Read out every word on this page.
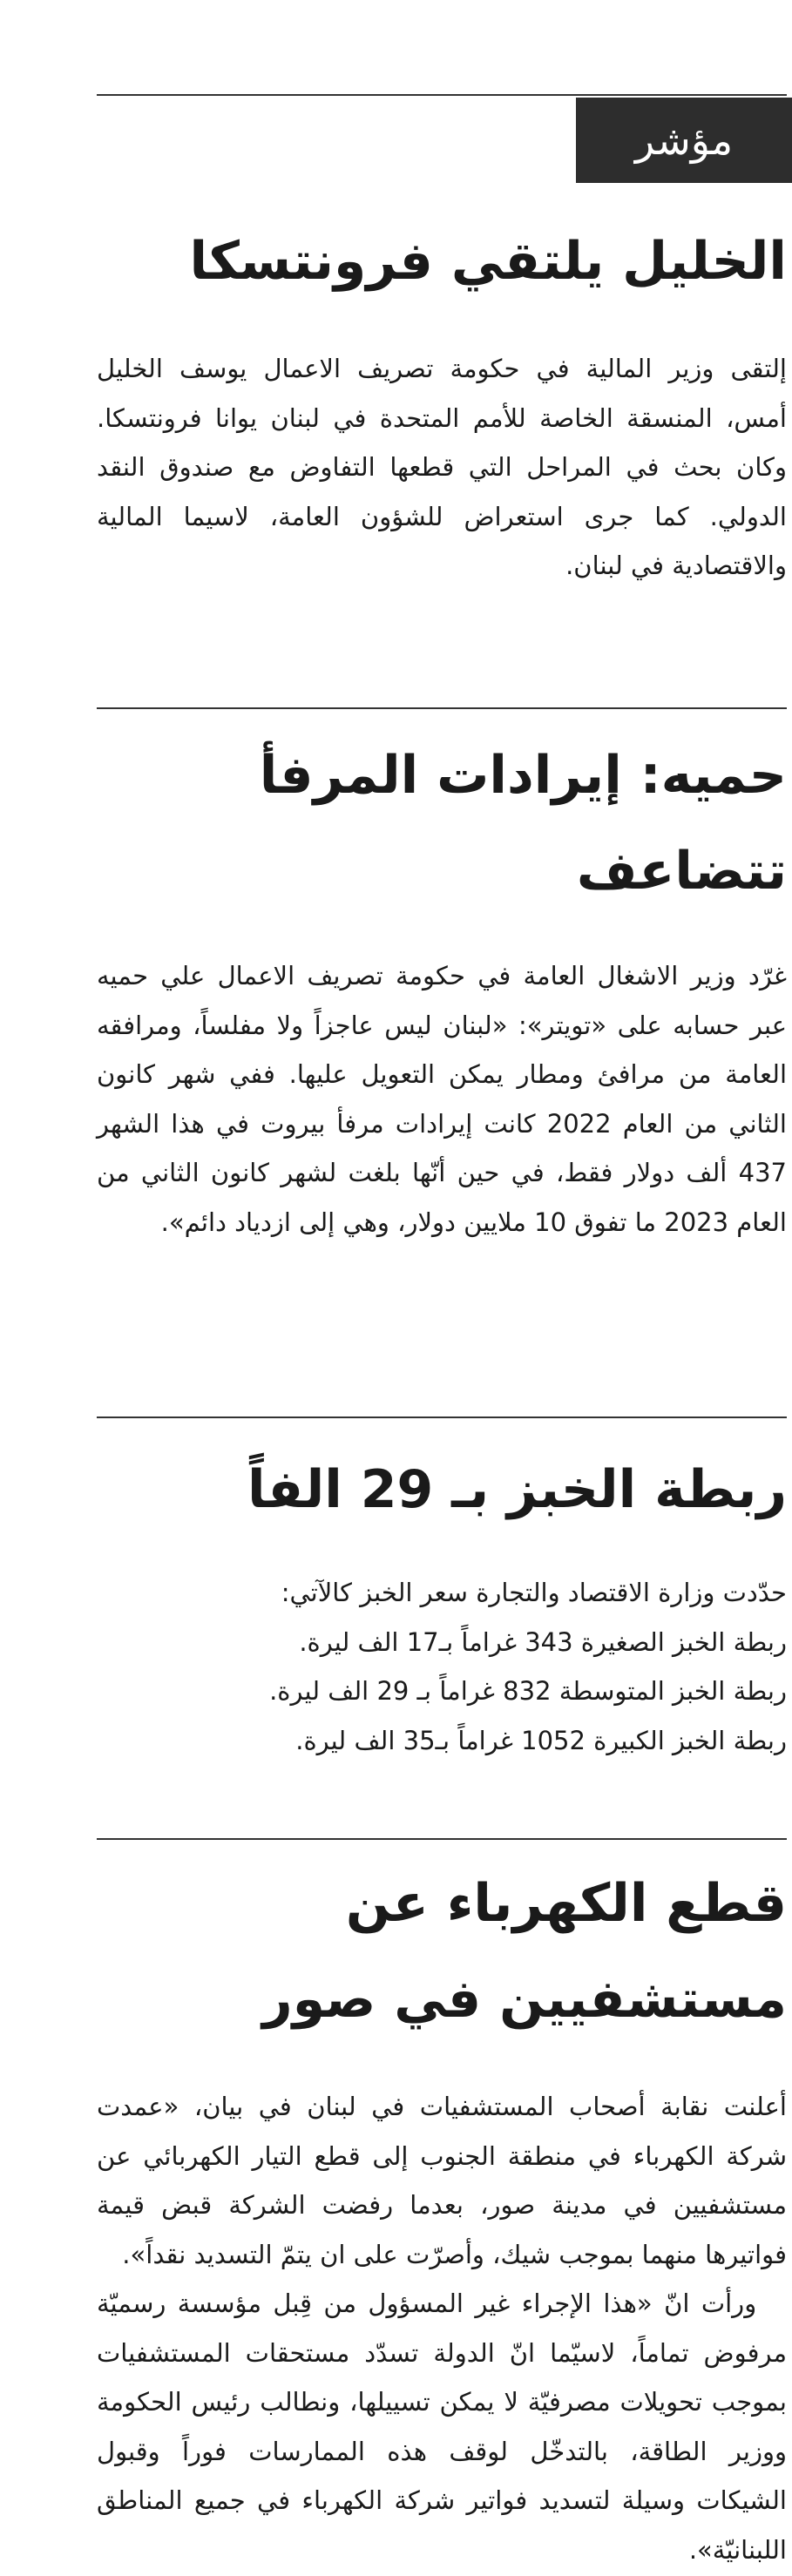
مؤشر
الخليل يلتقي فرونتسكا

إلتقى وزير المالية في حكومة تصريف الاعمال يوسف الخليل أمس، المنسقة الخاصة للأمم المتحدة في لبنان يوانا فرونتسكا. وكان بحث في المراحل التي قطعها التفاوض مع صندوق النقد الدولي. كما جرى استعراض للشؤون العامة، لاسيما المالية والاقتصادية في لبنان.

حميه: إيرادات المرفأ تتضاعف

غرّد وزير الاشغال العامة في حكومة تصريف الاعمال علي حميه عبر حسابه على «تويتر»: «لبنان ليس عاجزاً ولا مفلساً، ومرافقه العامة من مرافئ ومطار يمكن التعويل عليها. ففي شهر كانون الثاني من العام 2022 كانت إيرادات مرفأ بيروت في هذا الشهر 437 ألف دولار فقط، في حين أنّها بلغت لشهر كانون الثاني من العام 2023 ما تفوق 10 ملايين دولار، وهي إلى ازدياد دائم».

ربطة الخبز بـ 29 الفاً

حدّدت وزارة الاقتصاد والتجارة سعر الخبز كالآتي:

ربطة الخبز الصغيرة 343 غراماً بـ17 الف ليرة.

ربطة الخبز المتوسطة 832 غراماً بـ 29 الف ليرة.

ربطة الخبز الكبيرة 1052 غراماً بـ35 الف ليرة.

قطع الكهرباء عن مستشفيين في صور

أعلنت نقابة أصحاب المستشفيات في لبنان في بيان، «عمدت شركة الكهرباء في منطقة الجنوب إلى قطع التيار الكهربائي عن مستشفيين في مدينة صور، بعدما رفضت الشركة قبض قيمة فواتيرها منهما بموجب شيك، وأصرّت على ان يتمّ التسديد نقداً».

ورأت انّ «هذا الإجراء غير المسؤول من قِبل مؤسسة رسميّة مرفوض تماماً، لاسيّما انّ الدولة تسدّد مستحقات المستشفيات بموجب تحويلات مصرفيّة لا يمكن تسييلها، ونطالب رئيس الحكومة ووزير الطاقة، بالتدخّل لوقف هذه الممارسات فوراً وقبول الشيكات وسيلة لتسديد فواتير شركة الكهرباء في جميع المناطق اللبنانيّة».
